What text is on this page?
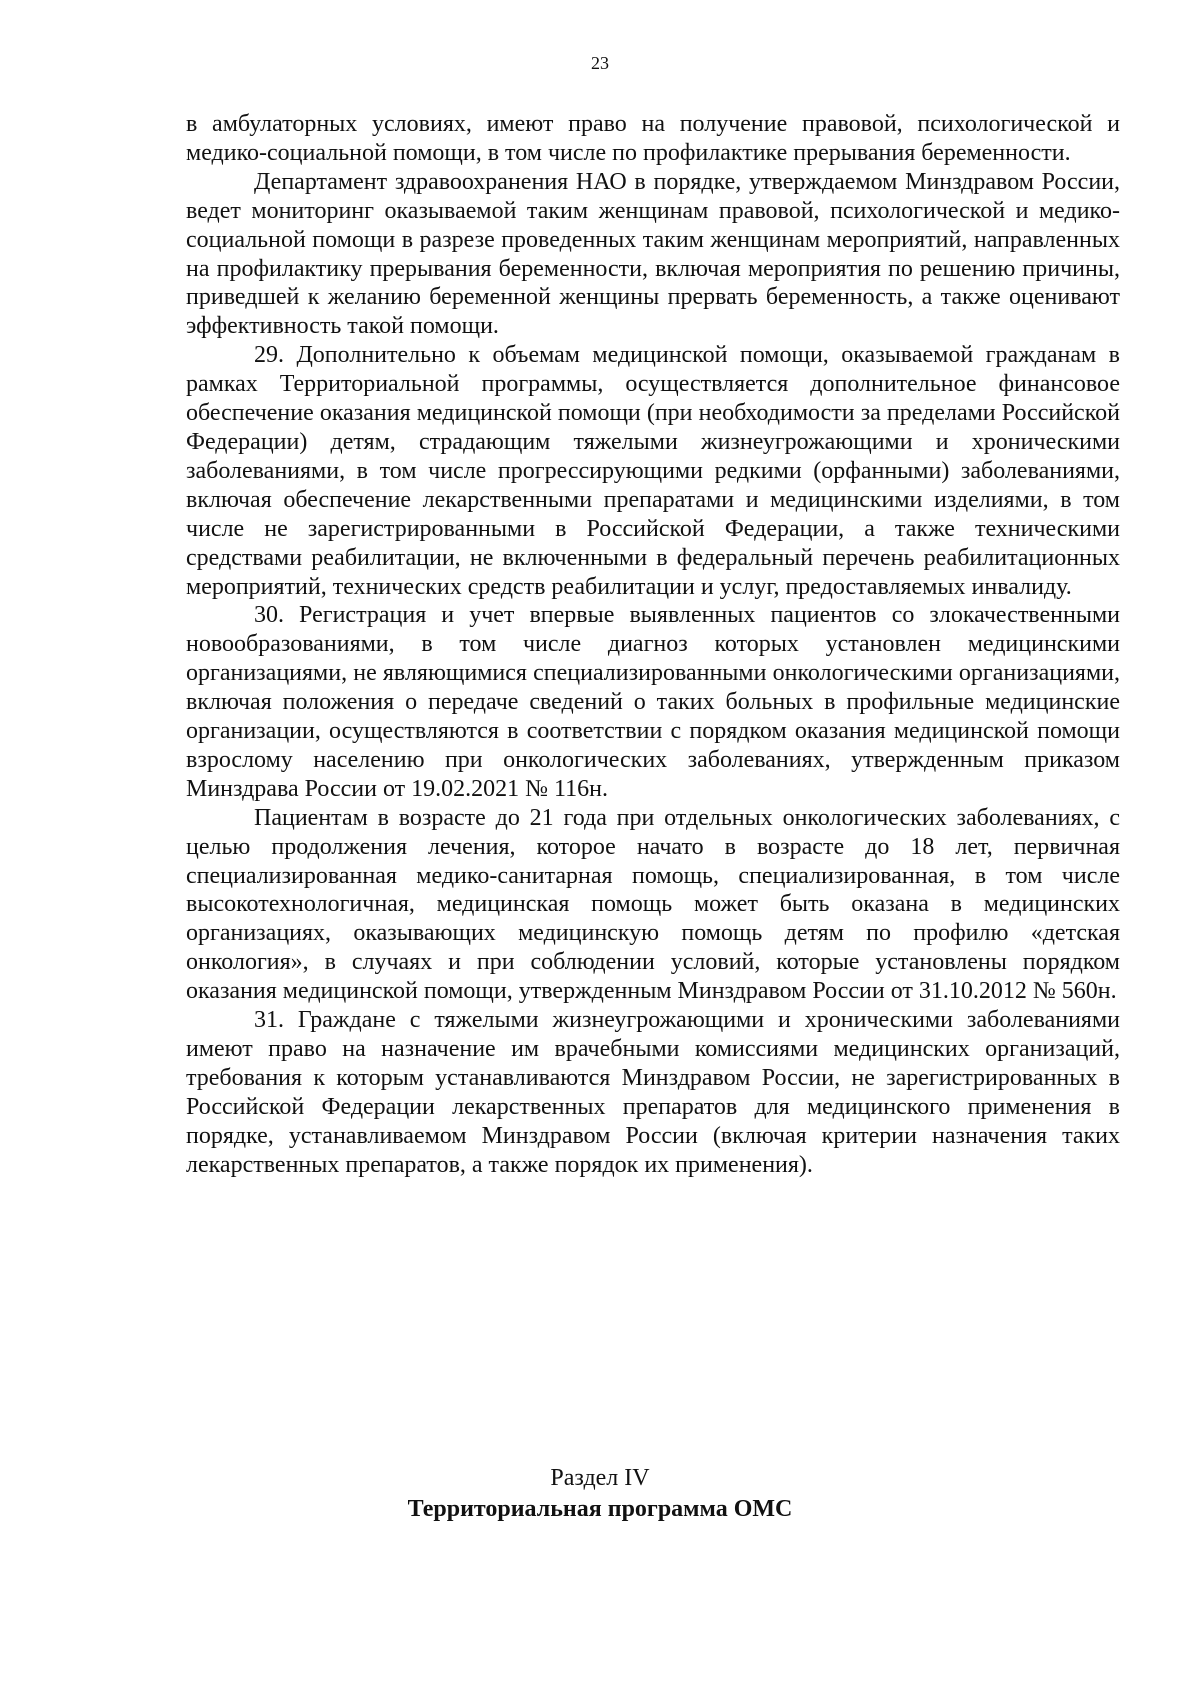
23

в амбулаторных условиях, имеют право на получение правовой, психологической и медико-социальной помощи, в том числе по профилактике прерывания беременности.

Департамент здравоохранения НАО в порядке, утверждаемом Минздравом России, ведет мониторинг оказываемой таким женщинам правовой, психологической и медико-социальной помощи в разрезе проведенных таким женщинам мероприятий, направленных на профилактику прерывания беременности, включая мероприятия по решению причины, приведшей к желанию беременной женщины прервать беременность, а также оценивают эффективность такой помощи.

29. Дополнительно к объемам медицинской помощи, оказываемой гражданам в рамках Территориальной программы, осуществляется дополнительное финансовое обеспечение оказания медицинской помощи (при необходимости за пределами Российской Федерации) детям, страдающим тяжелыми жизнеугрожающими и хроническими заболеваниями, в том числе прогрессирующими редкими (орфанными) заболеваниями, включая обеспечение лекарственными препаратами и медицинскими изделиями, в том числе не зарегистрированными в Российской Федерации, а также техническими средствами реабилитации, не включенными в федеральный перечень реабилитационных мероприятий, технических средств реабилитации и услуг, предоставляемых инвалиду.

30. Регистрация и учет впервые выявленных пациентов со злокачественными новообразованиями, в том числе диагноз которых установлен медицинскими организациями, не являющимися специализированными онкологическими организациями, включая положения о передаче сведений о таких больных в профильные медицинские организации, осуществляются в соответствии с порядком оказания медицинской помощи взрослому населению при онкологических заболеваниях, утвержденным приказом Минздрава России от 19.02.2021 № 116н.

Пациентам в возрасте до 21 года при отдельных онкологических заболеваниях, с целью продолжения лечения, которое начато в возрасте до 18 лет, первичная специализированная медико-санитарная помощь, специализированная, в том числе высокотехнологичная, медицинская помощь может быть оказана в медицинских организациях, оказывающих медицинскую помощь детям по профилю «детская онкология», в случаях и при соблюдении условий, которые установлены порядком оказания медицинской помощи, утвержденным Минздравом России от 31.10.2012 № 560н.

31. Граждане с тяжелыми жизнеугрожающими и хроническими заболеваниями имеют право на назначение им врачебными комиссиями медицинских организаций, требования к которым устанавливаются Минздравом России, не зарегистрированных в Российской Федерации лекарственных препаратов для медицинского применения в порядке, устанавливаемом Минздравом России (включая критерии назначения таких лекарственных препаратов, а также порядок их применения).

Раздел IV
Территориальная программа ОМС
